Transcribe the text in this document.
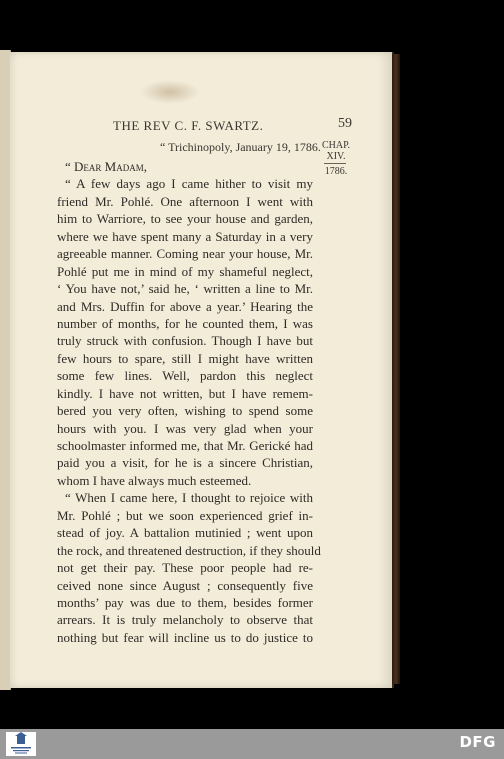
THE REV C. F. SWARTZ.	59
“ Trichinopoly, January 19, 1786. CHAP.
XIV.
1786.
“ Dear Madam,
“ A few days ago I came hither to visit my
friend Mr. Pohlé. One afternoon I went with
him to Warriore, to see your house and garden,
where we have spent many a Saturday in a very
agreeable manner. Coming near your house, Mr.
Pohlé put me in mind of my shameful neglect,
‘ You have not,’ said he, ‘ written a line to Mr.
and Mrs. Duffin for above a year.’ Hearing the
number of months, for he counted them, I was
truly struck with confusion. Though I have but
few hours to spare, still I might have written
some few lines. Well, pardon this neglect
kindly. I have not written, but I have remem-
bered you very often, wishing to spend some
hours with you. I was very glad when your
schoolmaster informed me, that Mr. Gerické had
paid you a visit, for he is a sincere Christian,
whom I have always much esteemed.
“ When I came here, I thought to rejoice with
Mr. Pohlé ; but we soon experienced grief in-
stead of joy. A battalion mutinied ; went upon
the rock, and threatened destruction, if they should
not get their pay. These poor people had re-
ceived none since August ; consequently five
months’ pay was due to them, besides former
arrears. It is truly melancholy to observe that
nothing but fear will incline us to do justice to
DFG
